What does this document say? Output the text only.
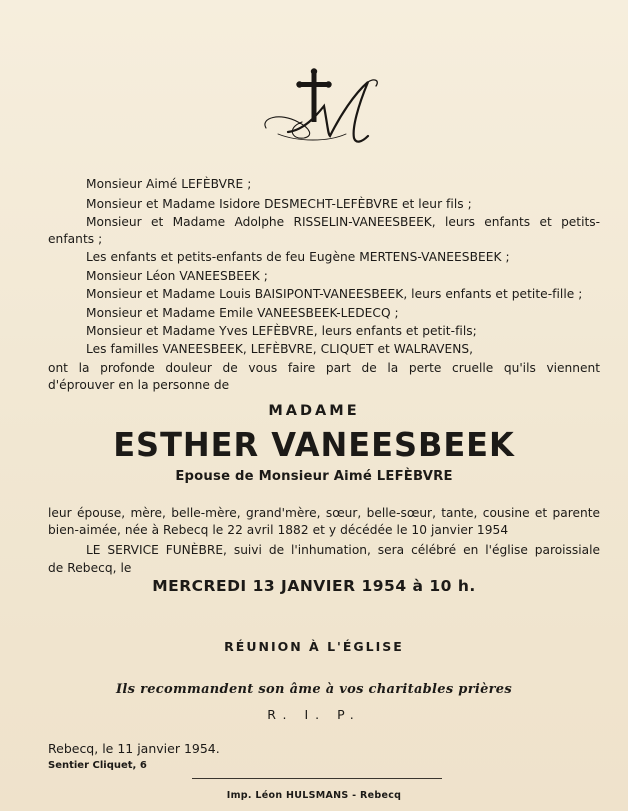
M
Monsieur Aimé LEFÈBVRE ;
Monsieur et Madame Isidore DESMECHT-LEFÈBVRE et leur fils ;
Monsieur et Madame Adolphe RISSELIN-VANEESBEEK, leurs enfants et petits-
enfants ;
Les enfants et petits-enfants de feu Eugène MERTENS-VANEESBEEK ;
Monsieur Léon VANEESBEEK ;
Monsieur et Madame Louis BAISIPONT-VANEESBEEK, leurs enfants et petite-fille ;
Monsieur et Madame Emile VANEESBEEK-LEDECQ ;
Monsieur et Madame Yves LEFÈBVRE, leurs enfants et petit-fils;
Les familles VANEESBEEK, LEFÈBVRE, CLIQUET et WALRAVENS,
ont la profonde douleur de vous faire part de la perte cruelle qu'ils viennent
d'éprouver en la personne de
MADAME
ESTHER VANEESBEEK
Epouse de Monsieur Aimé LEFÈBVRE
leur épouse, mère, belle-mère, grand'mère, sœur, belle-sœur, tante, cousine et parente
bien-aimée, née à Rebecq le 22 avril 1882 et y décédée le 10 janvier 1954
LE SERVICE FUNÈBRE, suivi de l'inhumation, sera célébré en l'église paroissiale
de Rebecq, le
MERCREDI 13 JANVIER 1954 à 10 h.
RÉUNION À L'ÉGLISE
Ils recommandent son âme à vos charitables prières
R. I. P.
Rebecq, le 11 janvier 1954.
Sentier Cliquet, 6
Imp. Léon HULSMANS - Rebecq
